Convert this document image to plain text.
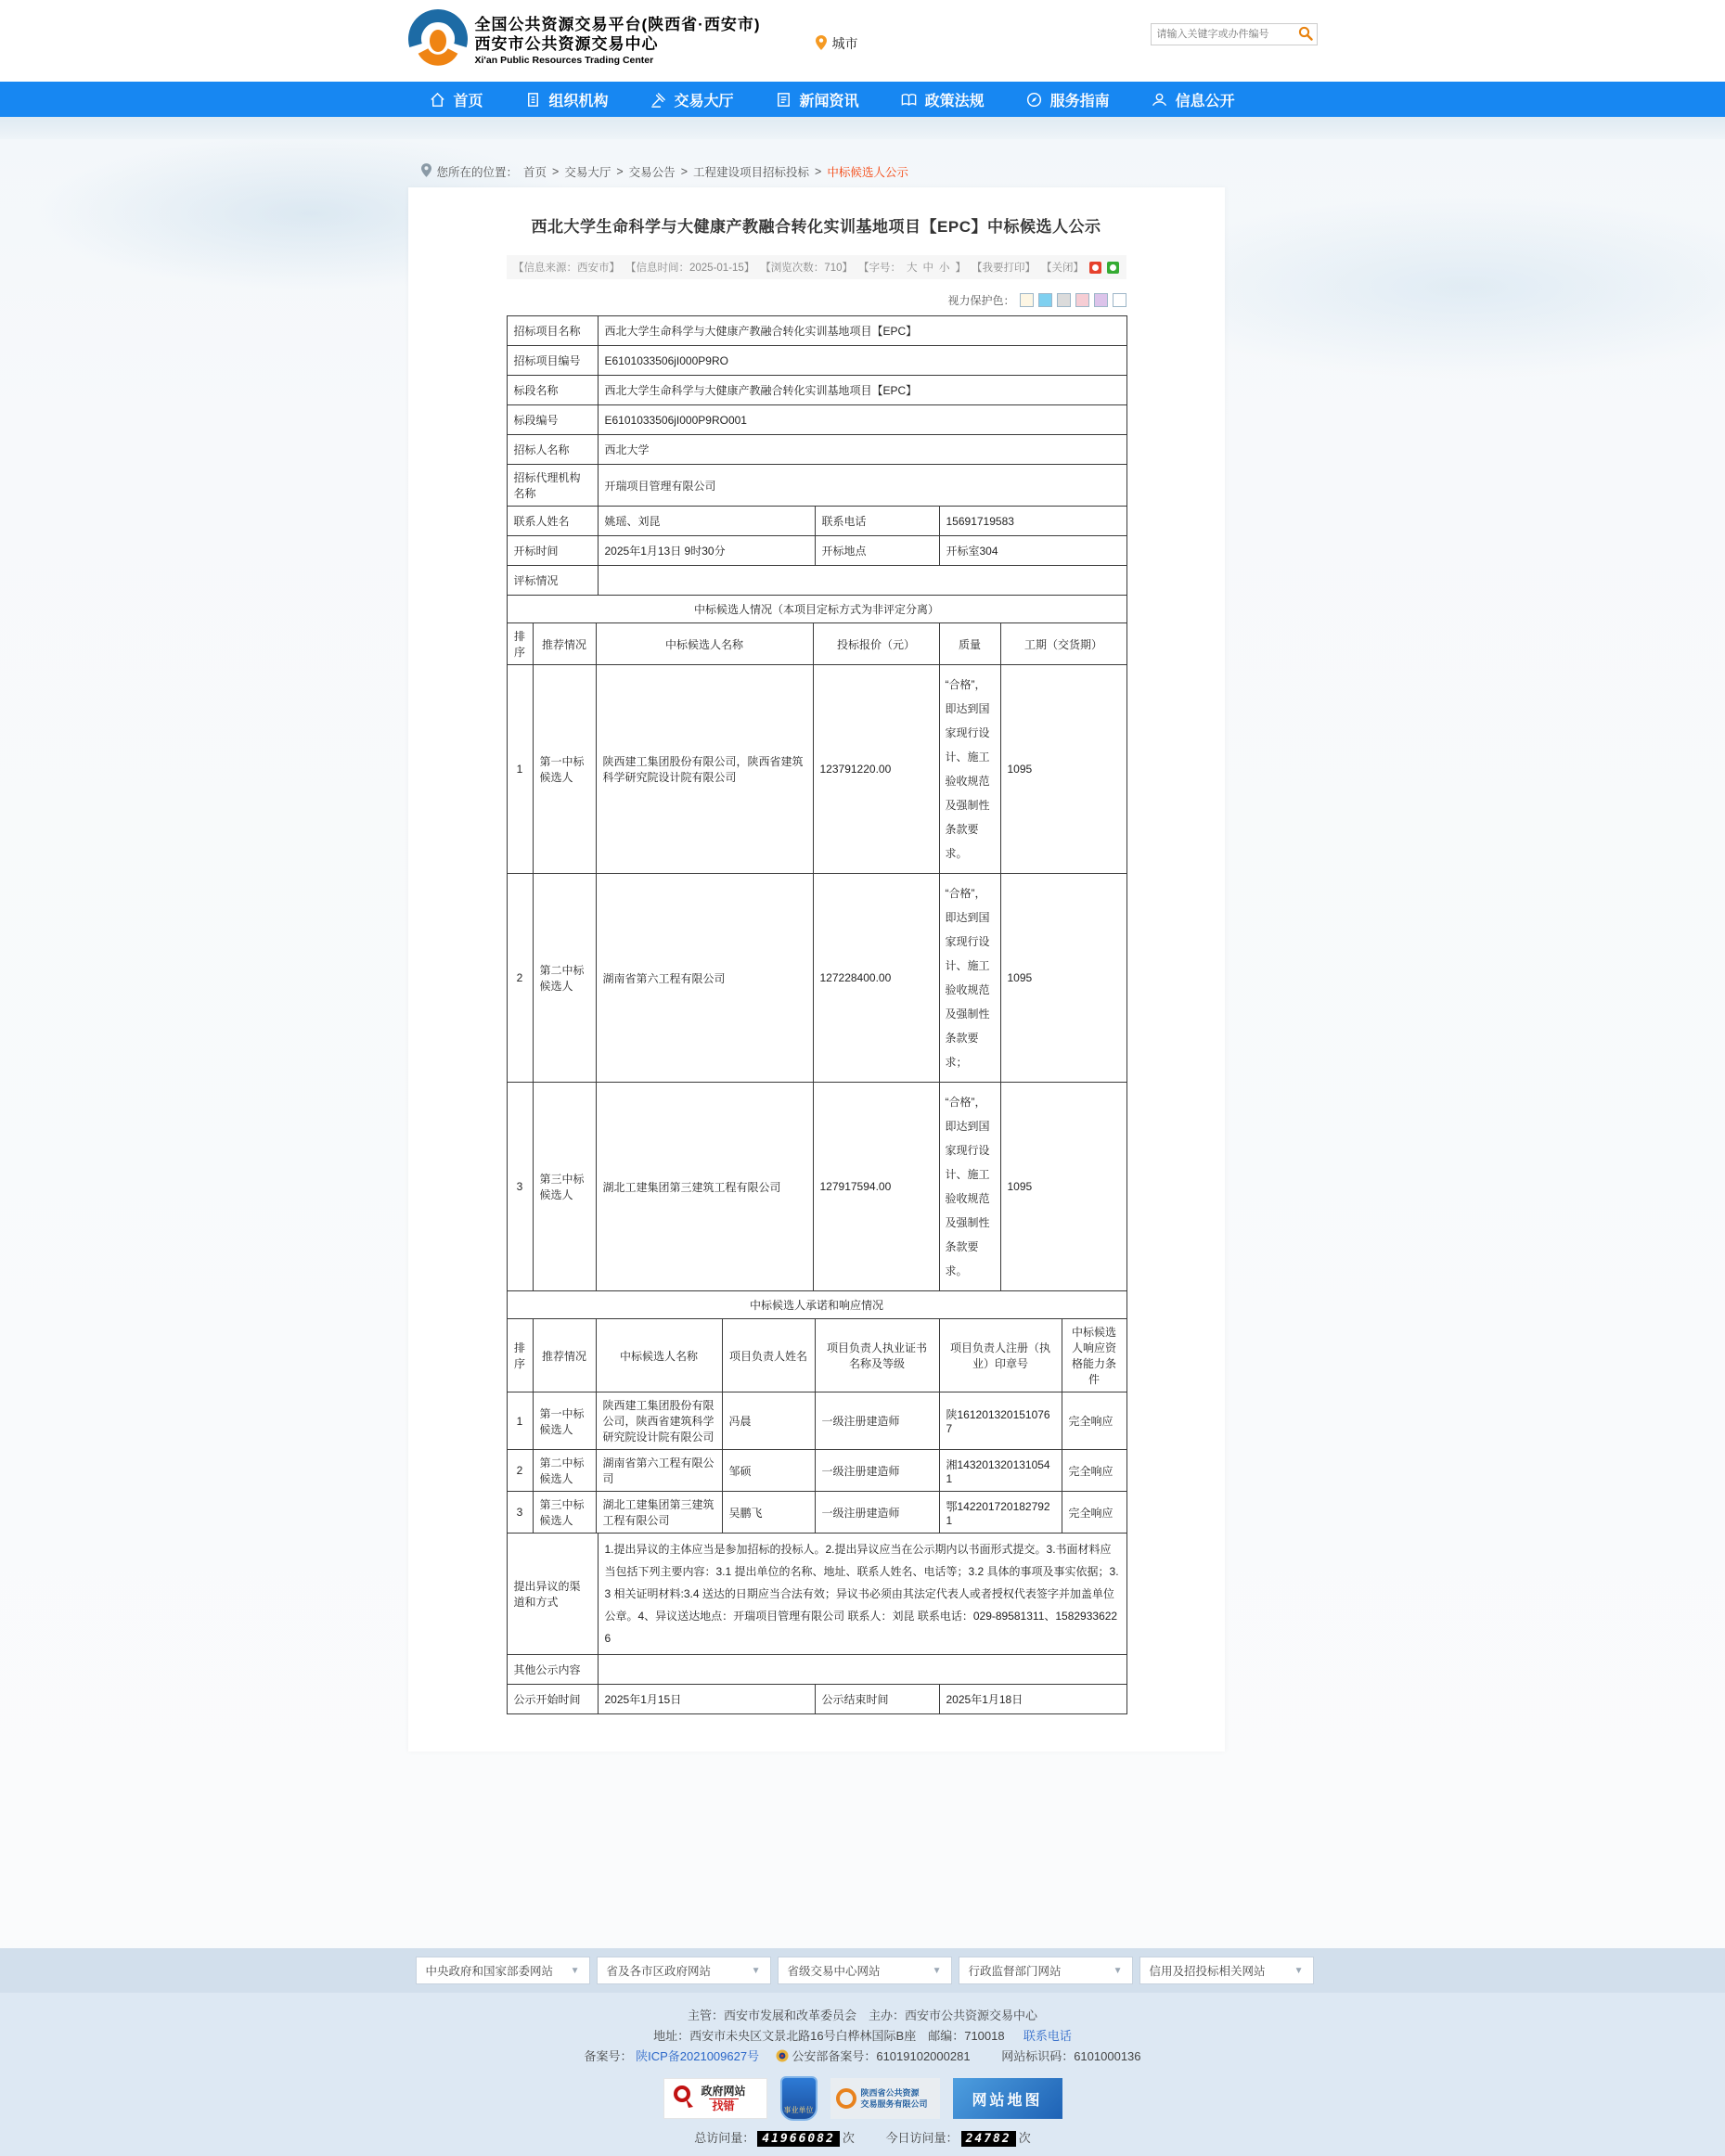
全国公共资源交易平台(陕西省·西安市)
西安市公共资源交易中心
Xi'an Public Resources Trading Center
城市
请输入关键字或办件编号
首页	组织机构	交易大厅	新闻资讯	政策法规	服务指南	信息公开
您所在的位置： 首页 > 交易大厅 > 交易公告 > 工程建设项目招标投标 > 中标候选人公示
西北大学生命科学与大健康产教融合转化实训基地项目【EPC】中标候选人公示
【信息来源：西安市】 【信息时间：2025-01-15】 【浏览次数：710】 【字号： 大 中 小 】 【我要打印】 【关闭】
视力保护色：
招标项目名称	西北大学生命科学与大健康产教融合转化实训基地项目【EPC】		
招标项目编号	E6101033506jI000P9RO		
标段名称	西北大学生命科学与大健康产教融合转化实训基地项目【EPC】		
标段编号	E6101033506jI000P9RO001		
招标人名称	西北大学		
招标代理机构名称	开瑞项目管理有限公司		
联系人姓名	姚瑶、刘昆	联系电话	15691719583
开标时间	2025年1月13日 9时30分	开标地点	开标室304
评标情况			
中标候选人情况（本项目定标方式为非评定分离）					
排序	推荐情况	中标候选人名称	投标报价（元）	质量	工期（交货期）
1	第一中标候选人	陕西建工集团股份有限公司，陕西省建筑科学研究院设计院有限公司	123791220.00	“合格”，即达到国家现行设计、施工验收规范及强制性条款要求。	1095
2	第二中标候选人	湖南省第六工程有限公司	127228400.00	“合格”，即达到国家现行设计、施工验收规范及强制性条款要求；	1095
3	第三中标候选人	湖北工建集团第三建筑工程有限公司	127917594.00	“合格”，即达到国家现行设计、施工验收规范及强制性条款要求。	1095
中标候选人承诺和响应情况						
排序	推荐情况	中标候选人名称	项目负责人姓名	项目负责人执业证书名称及等级	项目负责人注册（执业）印章号	中标候选人响应资格能力条件
1	第一中标候选人	陕西建工集团股份有限公司，陕西省建筑科学研究院设计院有限公司	冯晨	一级注册建造师	陕1612013201510767	完全响应
2	第二中标候选人	湖南省第六工程有限公司	邹硕	一级注册建造师	湘1432013201310541	完全响应
3	第三中标候选人	湖北工建集团第三建筑工程有限公司	吴鹏飞	一级注册建造师	鄂1422017201827921	完全响应
提出异议的渠道和方式	1.提出异议的主体应当是参加招标的投标人。2.提出异议应当在公示期内以书面形式提交。3.书面材料应当包括下列主要内容：3.1 提出单位的名称、地址、联系人姓名、电话等；3.2 具体的事项及事实依据；3.3 相关证明材料:3.4 送达的日期应当合法有效；异议书必须由其法定代表人或者授权代表签字并加盖单位公章。4、异议送达地点：开瑞项目管理有限公司 联系人：刘昆 联系电话：029-89581311、15829336226		
其他公示内容			
公示开始时间	2025年1月15日	公示结束时间	2025年1月18日
中央政府和国家部委网站 ▼ 省及各市区政府网站	▼ 省级交易中心网站	▼ 行政监督部门网站	▼ 信用及招投标相关网站	▼
主管：西安市发展和改革委员会　主办：西安市公共资源交易中心
地址：西安市未央区文景北路16号白桦林国际B座　邮编：710018 　 联系电话
备案号： 陕ICP备2021009627号	公安部备案号：61019102000281	网站标识码：6101000136
政府网站
找错	事业单位
陕西省公共资源
交易服务有限公司	网站地图
总访问量： 41966082 次	今日访问量： 24782 次
